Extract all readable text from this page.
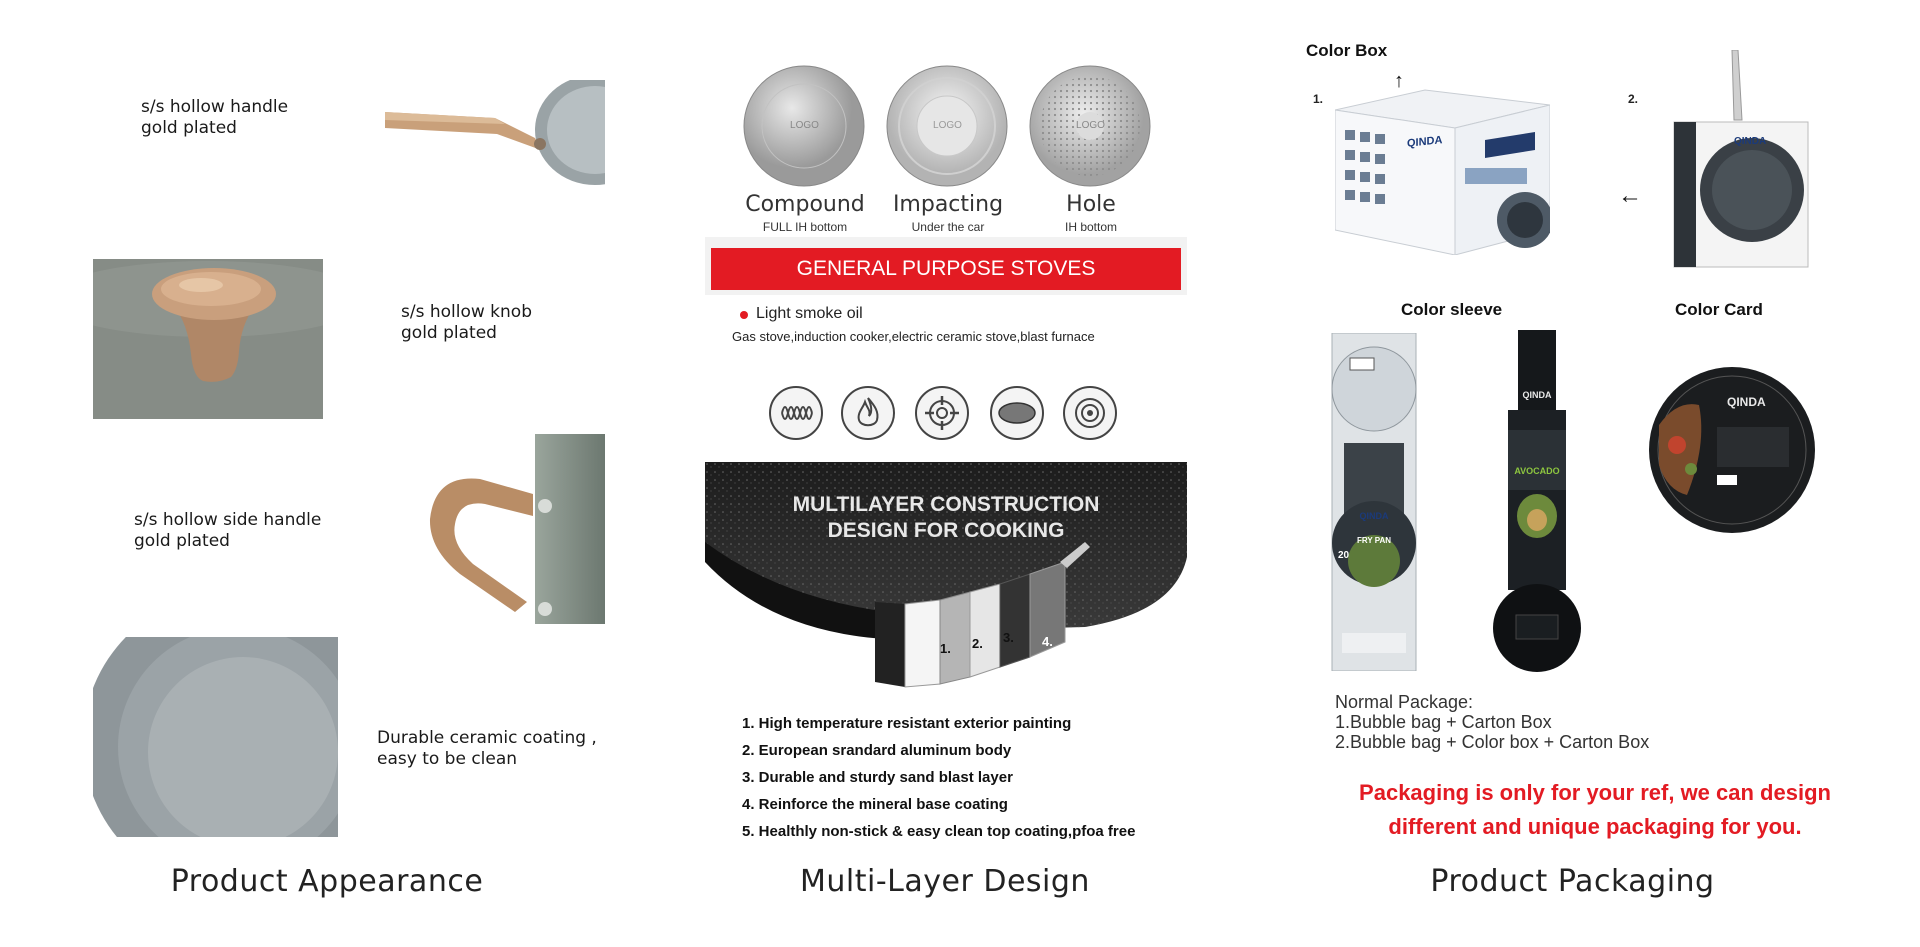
s/s hollow handle
gold plated
s/s hollow knob
gold plated
s/s hollow side handle
gold plated
Durable ceramic coating ,
easy to be clean
Product Appearance
LOGO	LOGO	LOGO
Compound
FULL IH bottom
Impacting
Under the car
Hole
IH bottom
GENERAL PURPOSE STOVES
Light smoke oil
Gas stove,induction cooker,electric ceramic stove,blast furnace
MULTILAYER CONSTRUCTION
DESIGN FOR COOKING
1. 2. 3. 4.
5.
1. High temperature resistant exterior painting
2. European srandard aluminum body
3. Durable and sturdy sand blast layer
4. Reinforce the mineral base coating
5. Healthly non-stick & easy clean top coating,pfoa free
Multi-Layer Design
Color Box
1.
↑
QINDA
2.
←
QINDA
Color sleeve	Color Card
QINDA
FRY PAN
20
QINDA
AVOCADO
QINDA
Normal Package:
1.Bubble bag + Carton Box
2.Bubble bag + Color box + Carton Box
Packaging is only for your ref, we can design
different and unique packaging for you.
Product Packaging
